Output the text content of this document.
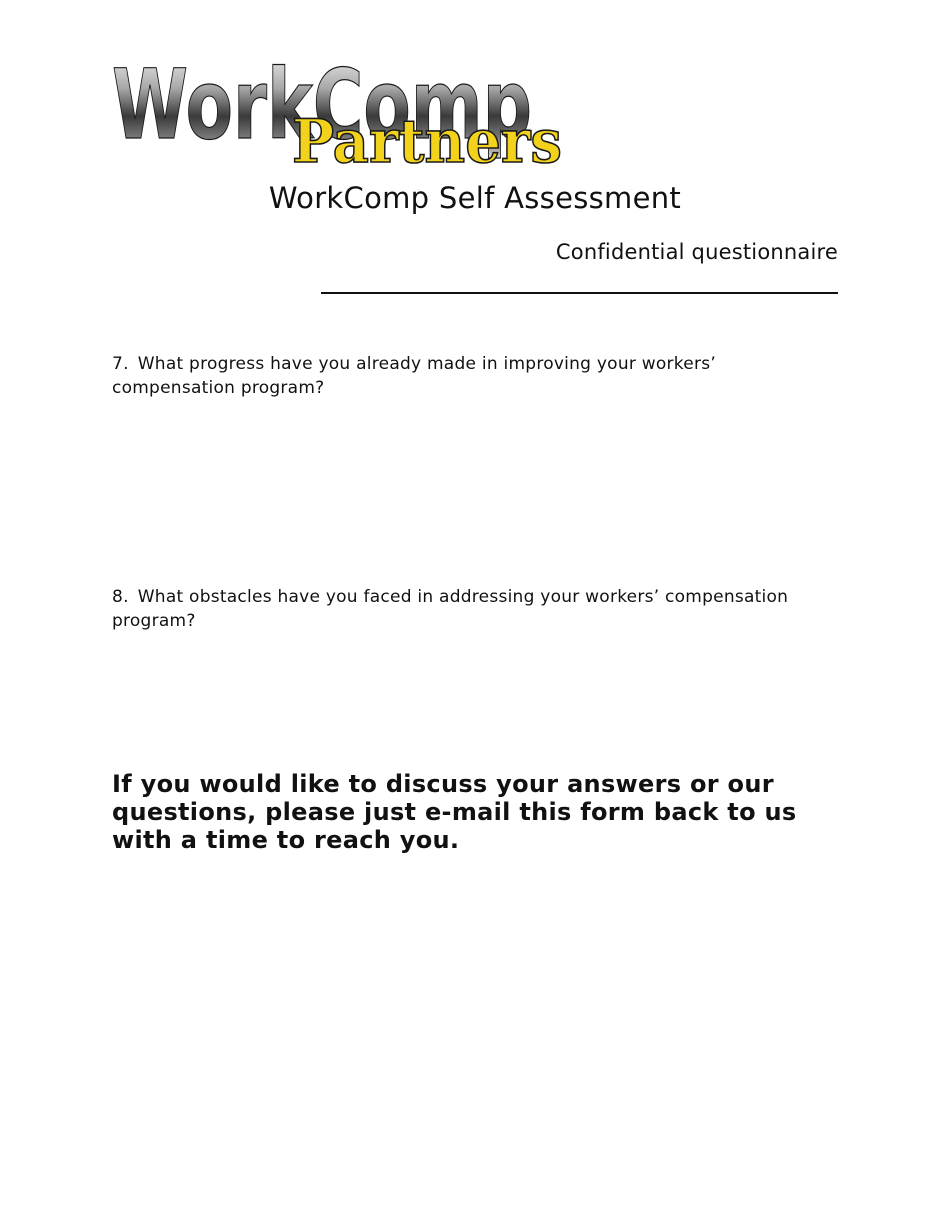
WorkComp
Partners
WorkComp Self Assessment
Confidential questionnaire
7. What progress have you already made in improving your workers’ compensation program?
8. What obstacles have you faced in addressing your workers’ compensation program?
If you would like to discuss your answers or our questions, please just e-mail this form back to us with a time to reach you.
